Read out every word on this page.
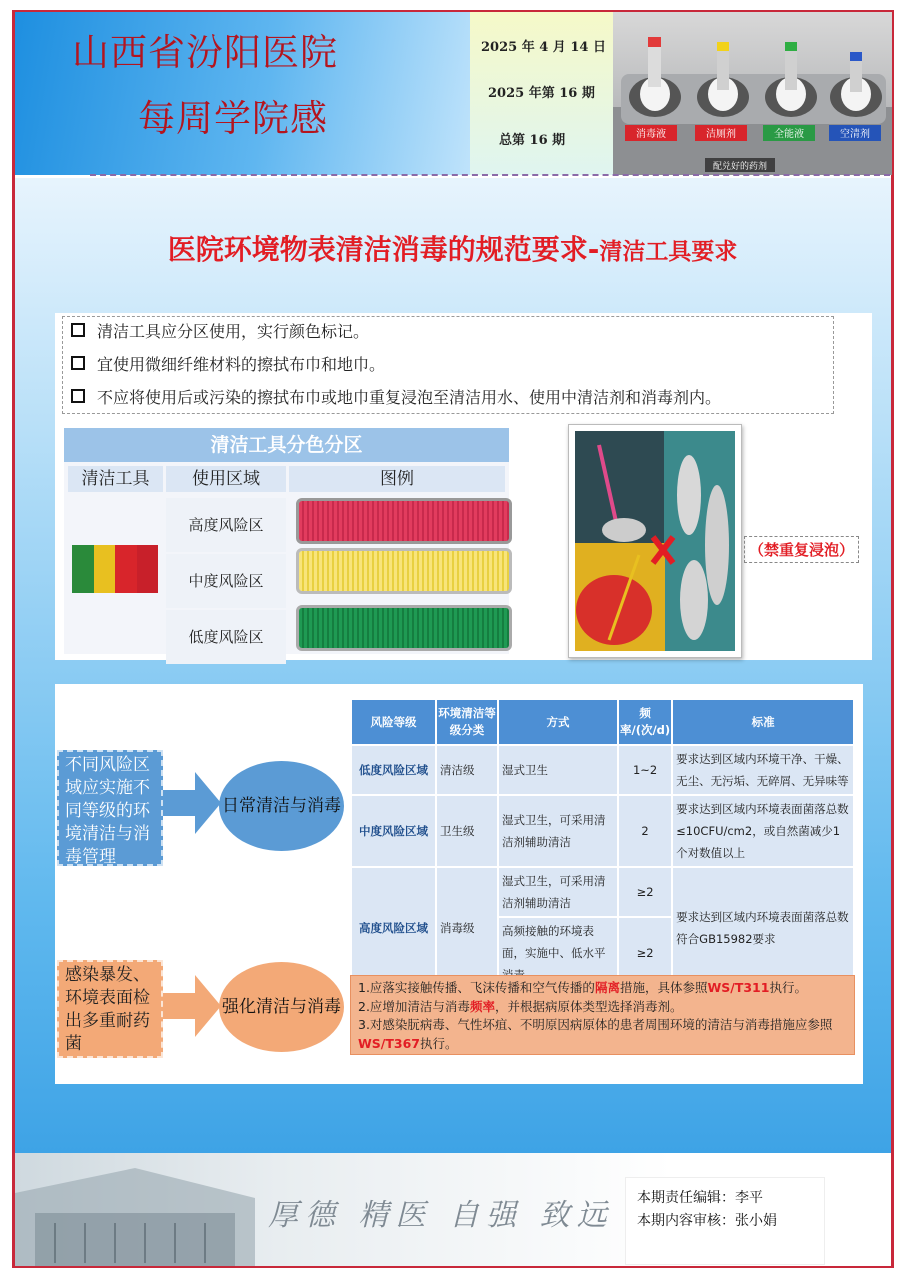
山西省汾阳医院
每周学院感
2025 年 4 月 14 日
2025 年第 16 期
总第 16 期	消毒液	洁厕剂	全能液	空清剂
配兑好的药剂
医院环境物表清洁消毒的规范要求-清洁工具要求
清洁工具应分区使用，实行颜色标记。
宜使用微细纤维材料的擦拭布巾和地巾。
不应将使用后或污染的擦拭布巾或地巾重复浸泡至清洁用水、使用中清洁剂和消毒剂内。
清洁工具分色分区
清洁工具	使用区域	图例
高度风险区
中度风险区
低度风险区
（禁重复浸泡）
不同风险区域应实施不同等级的环境清洁与消毒管理
日常清洁与消毒
感染暴发、环境表面检出多重耐药菌
强化清洁与消毒
风险等级	环境清洁等级分类	方式	频率/(次/d)	标准
低度风险区域	清洁级	湿式卫生	1~2	要求达到区域内环境干净、干燥、无尘、无污垢、无碎屑、无异味等
中度风险区域	卫生级	湿式卫生，可采用清洁剂辅助清洁	2	要求达到区域内环境表面菌落总数≤10CFU/cm2，或自然菌减少1个对数值以上
高度风险区域	消毒级	湿式卫生，可采用清洁剂辅助清洁	≥2	要求达到区域内环境表面菌落总数符合GB15982要求
		高频接触的环境表面，实施中、低水平	≥2	
1.应落实接触传播、飞沫传播和空气传播的隔离措施，具体参照WS/T311执行。
2.应增加清洁与消毒频率，并根据病原体类型选择消毒剂。
3.对感染朊病毒、气性坏疽、不明原因病原体的患者周围环境的清洁与消毒措施应参照WS/T367执行。
厚德 精医 自强 致远 本期责任编辑：李平
本期内容审核：张小娟
